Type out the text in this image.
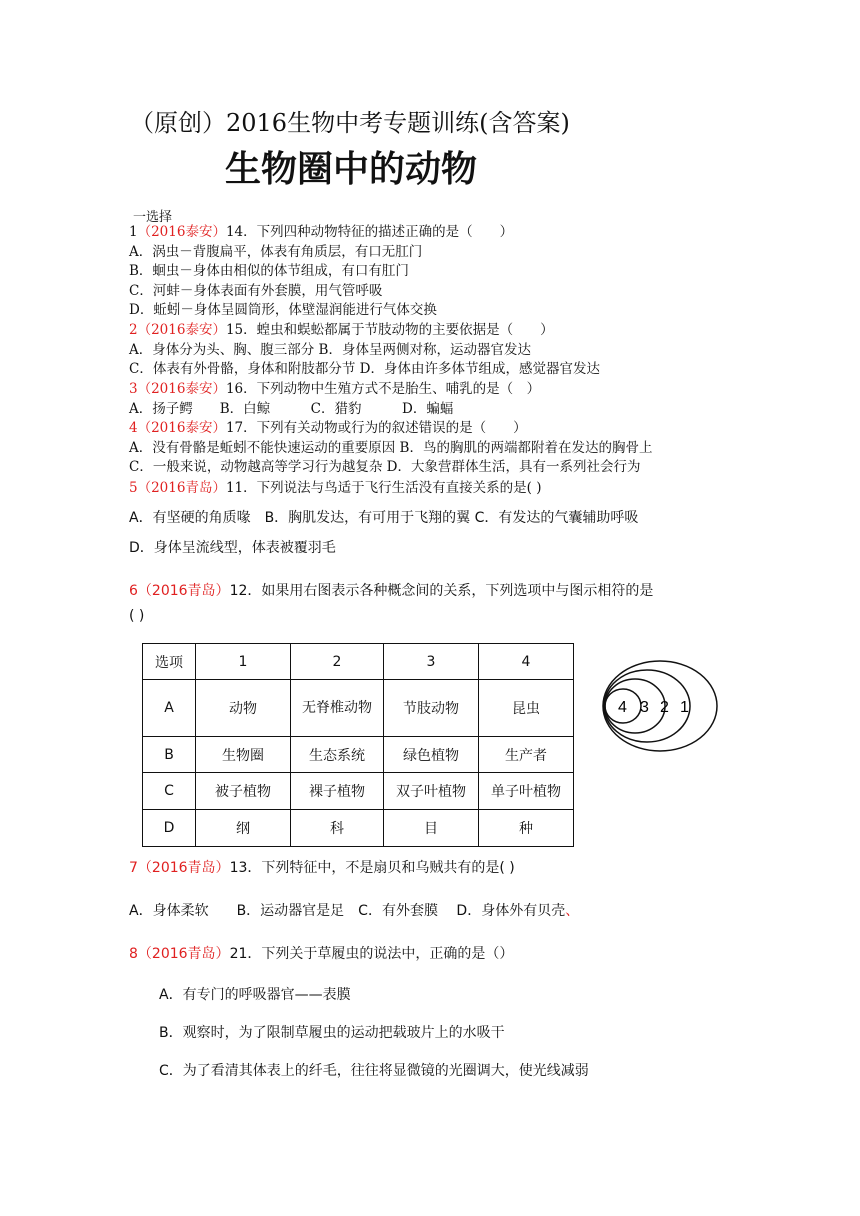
（原创）2016生物中考专题训练(含答案)
生物圈中的动物
一选择
1（2016泰安）14．下列四种动物特征的描述正确的是（　　）
A．涡虫－背腹扁平，体表有角质层，有口无肛门
B．蛔虫－身体由相似的体节组成，有口有肛门
C．河蚌－身体表面有外套膜，用气管呼吸
D．蚯蚓－身体呈圆筒形，体壁湿润能进行气体交换
2（2016泰安）15．蝗虫和蜈蚣都属于节肢动物的主要依据是（　　）
A．身体分为头、胸、腹三部分 B．身体呈两侧对称，运动器官发达
C．体表有外骨骼，身体和附肢都分节 D．身体由许多体节组成，感觉器官发达
3（2016泰安）16．下列动物中生殖方式不是胎生、哺乳的是（　）
A．扬子鳄　　B．白鲸　　　C．猎豹　　　D．蝙蝠
4（2016泰安）17．下列有关动物或行为的叙述错误的是（　　）
A．没有骨骼是蚯蚓不能快速运动的重要原因 B．鸟的胸肌的两端都附着在发达的胸骨上
C．一般来说，动物越高等学习行为越复杂 D．大象营群体生活，具有一系列社会行为
5（2016青岛）11．下列说法与鸟适于飞行生活没有直接关系的是( )
A．有坚硬的角质喙　B．胸肌发达，有可用于飞翔的翼 C．有发达的气囊辅助呼吸
D．身体呈流线型，体表被覆羽毛
6（2016青岛）12．如果用右图表示各种概念间的关系，下列选项中与图示相符的是
( )
选项	1	2	3	4
A	动物	无脊椎动物	节肢动物	昆虫
B	生物圈	生态系统	绿色植物	生产者
C	被子植物	裸子植物	双子叶植物	单子叶植物
D	纲	科	目	种
4 3 2 1
7（2016青岛）13．下列特征中，不是扇贝和乌贼共有的是( )
A．身体柔软　　B．运动器官是足　C．有外套膜　 D．身体外有贝壳、
8（2016青岛）21．下列关于草履虫的说法中，正确的是（）
A．有专门的呼吸器官——表膜
B．观察时，为了限制草履虫的运动把载玻片上的水吸干
C．为了看清其体表上的纤毛，往往将显微镜的光圈调大，使光线减弱
